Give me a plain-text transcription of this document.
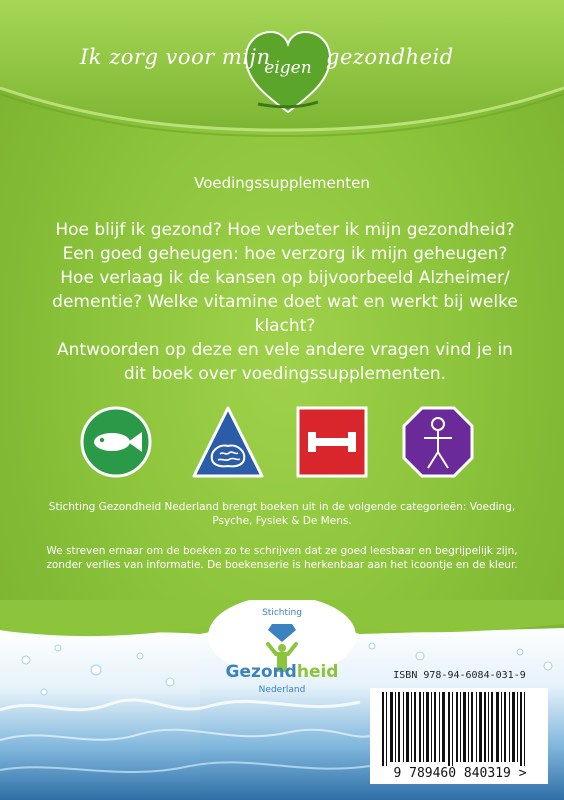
Ik zorg voor mijn
eigen gezondheid
Voedingssupplementen

Hoe blijf ik gezond? Hoe verbeter ik mijn gezondheid? Een goed geheugen: hoe verzorg ik mijn geheugen? Hoe verlaag ik de kansen op bijvoorbeeld Alzheimer/ dementie? Welke vitamine doet wat en werkt bij welke klacht?

Antwoorden op deze en vele andere vragen vind je in dit boek over voedingssupplementen.

Stichting Gezondheid Nederland brengt boeken uit in de volgende categorieën: Voeding, Psyche, Fysiek & De Mens.
We streven ernaar om de boeken zo te schrijven dat ze goed leesbaar en begrijpelijk zijn, zonder verlies van informatie. De boekenserie is herkenbaar aan het icoontje en de kleur.
Stichting
Gezondheid
Nederland
ISBN 978-94-6084-031-9
9 789460 840319 >
